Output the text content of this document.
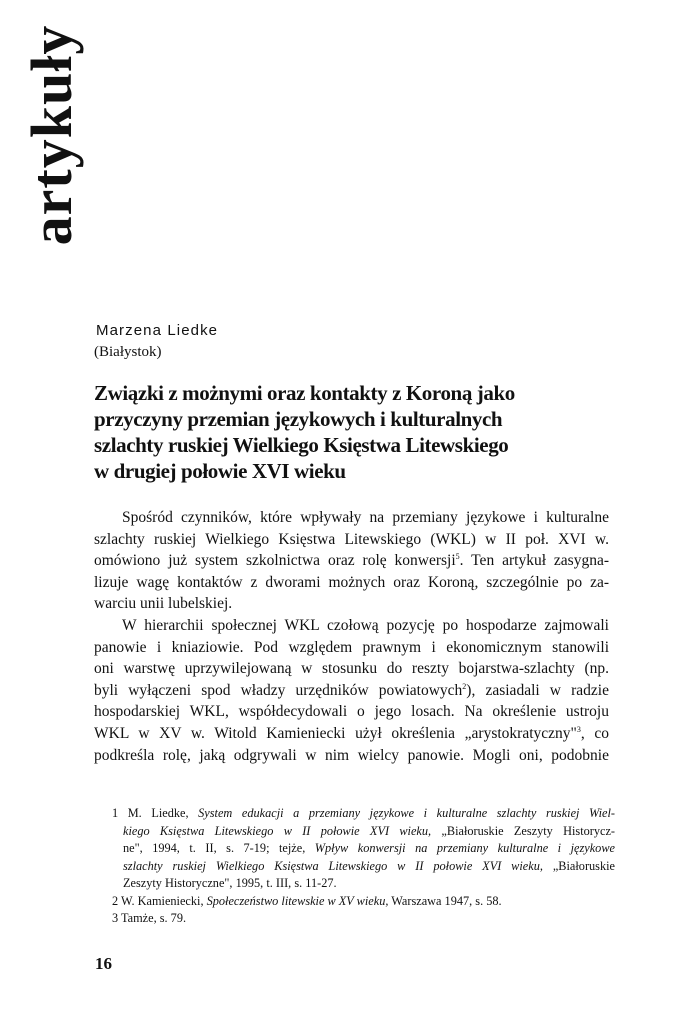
artykuły
Marzena Liedke
(Białystok)
Związki z możnymi oraz kontakty z Koroną jako
przyczyny przemian językowych i kulturalnych
szlachty ruskiej Wielkiego Księstwa Litewskiego
w drugiej połowie XVI wieku
Spośród czynników, które wpływały na przemiany językowe i kulturalne
szlachty ruskiej Wielkiego Księstwa Litewskiego (WKL) w II poł. XVI w.
omówiono już system szkolnictwa oraz rolę konwersji$^5$. Ten artykuł zasygna-
lizuje wagę kontaktów z dworami możnych oraz Koroną, szczególnie po za-
warciu unii lubelskiej.
W hierarchii społecznej WKL czołową pozycję po hospodarze zajmowali
panowie i kniaziowie. Pod względem prawnym i ekonomicznym stanowili
oni warstwę uprzywilejowaną w stosunku do reszty bojarstwa-szlachty (np.
byli wyłączeni spod władzy urzędników powiatowych$^2$), zasiadali w radzie
hospodarskiej WKL, współdecydowali o jego losach. Na określenie ustroju
WKL w XV w. Witold Kamieniecki użył określenia „arystokratyczny"$^3$, co
podkreśla rolę, jaką odgrywali w nim wielcy panowie. Mogli oni, podobnie
1 M. Liedke, System edukacji a przemiany językowe i kulturalne szlachty ruskiej Wiel-
kiego Księstwa Litewskiego w II połowie XVI wieku, „Białoruskie Zeszyty Historycz-
ne", 1994, t. II, s. 7-19; tejże, Wpływ konwersji na przemiany kulturalne i językowe
szlachty ruskiej Wielkiego Księstwa Litewskiego w II połowie XVI wieku, „Białoruskie
Zeszyty Historyczne", 1995, t. III, s. 11-27.
2 W. Kamieniecki, Społeczeństwo litewskie w XV wieku, Warszawa 1947, s. 58.
3 Tamże, s. 79.
16
